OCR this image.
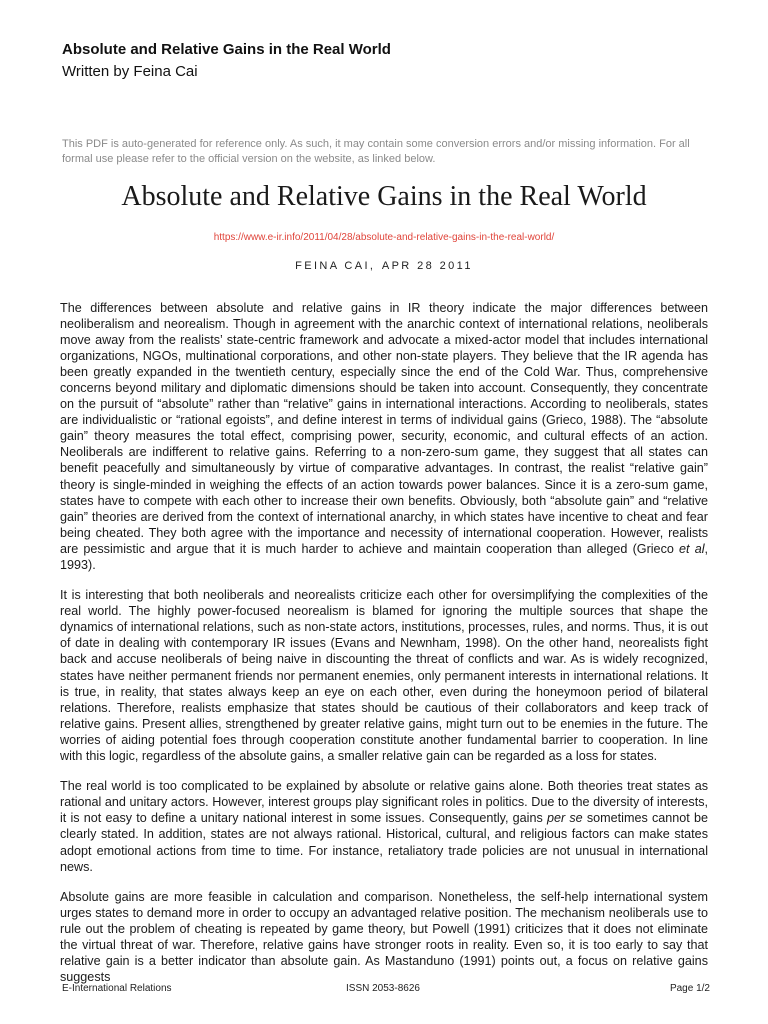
Absolute and Relative Gains in the Real World
Written by Feina Cai
This PDF is auto-generated for reference only. As such, it may contain some conversion errors and/or missing information. For all formal use please refer to the official version on the website, as linked below.
Absolute and Relative Gains in the Real World
https://www.e-ir.info/2011/04/28/absolute-and-relative-gains-in-the-real-world/
FEINA CAI, APR 28 2011

The differences between absolute and relative gains in IR theory indicate the major differences between neoliberalism and neorealism. Though in agreement with the anarchic context of international relations, neoliberals move away from the realists’ state-centric framework and advocate a mixed-actor model that includes international organizations, NGOs, multinational corporations, and other non-state players. They believe that the IR agenda has been greatly expanded in the twentieth century, especially since the end of the Cold War. Thus, comprehensive concerns beyond military and diplomatic dimensions should be taken into account. Consequently, they concentrate on the pursuit of “absolute” rather than “relative” gains in international interactions. According to neoliberals, states are individualistic or “rational egoists”, and define interest in terms of individual gains (Grieco, 1988). The “absolute gain” theory measures the total effect, comprising power, security, economic, and cultural effects of an action. Neoliberals are indifferent to relative gains. Referring to a non-zero-sum game, they suggest that all states can benefit peacefully and simultaneously by virtue of comparative advantages. In contrast, the realist “relative gain” theory is single-minded in weighing the effects of an action towards power balances. Since it is a zero-sum game, states have to compete with each other to increase their own benefits. Obviously, both “absolute gain” and “relative gain” theories are derived from the context of international anarchy, in which states have incentive to cheat and fear being cheated. They both agree with the importance and necessity of international cooperation. However, realists are pessimistic and argue that it is much harder to achieve and maintain cooperation than alleged (Grieco et al, 1993).

It is interesting that both neoliberals and neorealists criticize each other for oversimplifying the complexities of the real world. The highly power-focused neorealism is blamed for ignoring the multiple sources that shape the dynamics of international relations, such as non-state actors, institutions, processes, rules, and norms. Thus, it is out of date in dealing with contemporary IR issues (Evans and Newnham, 1998). On the other hand, neorealists fight back and accuse neoliberals of being naive in discounting the threat of conflicts and war. As is widely recognized, states have neither permanent friends nor permanent enemies, only permanent interests in international relations. It is true, in reality, that states always keep an eye on each other, even during the honeymoon period of bilateral relations. Therefore, realists emphasize that states should be cautious of their collaborators and keep track of relative gains. Present allies, strengthened by greater relative gains, might turn out to be enemies in the future. The worries of aiding potential foes through cooperation constitute another fundamental barrier to cooperation. In line with this logic, regardless of the absolute gains, a smaller relative gain can be regarded as a loss for states.

The real world is too complicated to be explained by absolute or relative gains alone. Both theories treat states as rational and unitary actors. However, interest groups play significant roles in politics. Due to the diversity of interests, it is not easy to define a unitary national interest in some issues. Consequently, gains per se sometimes cannot be clearly stated. In addition, states are not always rational. Historical, cultural, and religious factors can make states adopt emotional actions from time to time. For instance, retaliatory trade policies are not unusual in international news.

Absolute gains are more feasible in calculation and comparison. Nonetheless, the self-help international system urges states to demand more in order to occupy an advantaged relative position. The mechanism neoliberals use to rule out the problem of cheating is repeated by game theory, but Powell (1991) criticizes that it does not eliminate the virtual threat of war. Therefore, relative gains have stronger roots in reality. Even so, it is too early to say that relative gain is a better indicator than absolute gain. As Mastanduno (1991) points out, a focus on relative gains suggests

E-International Relations	ISSN 2053-8626	Page 1/2
